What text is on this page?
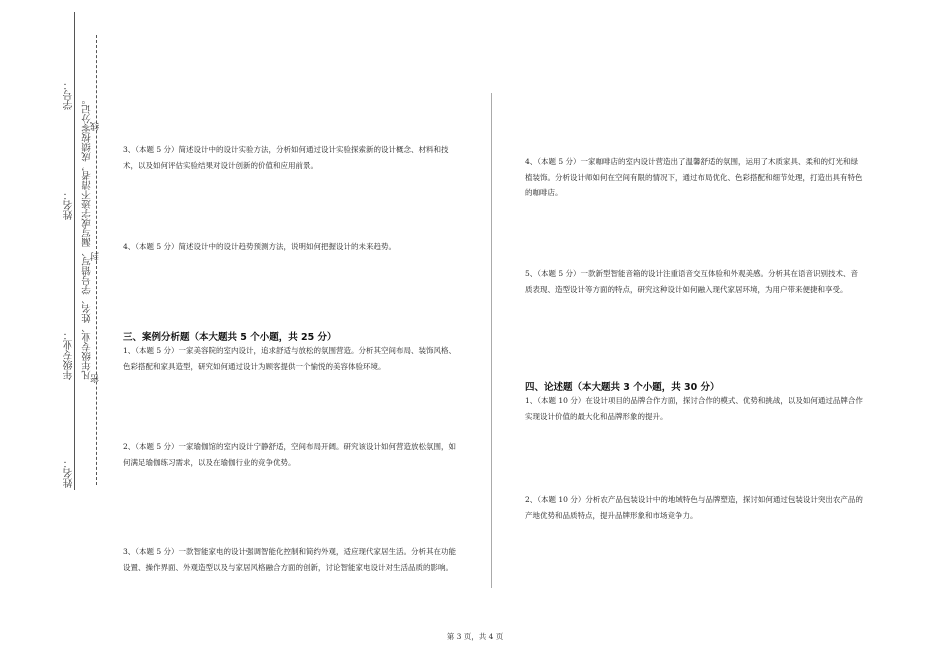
学号：
姓名：
年级专业：
姓名：
凡年级专业、姓名、学号错写、漏写或字迹不清者，成绩按零分记。
线
封
密
3、（本题 5 分）简述设计中的设计实验方法，分析如何通过设计实验探索新的设计概念、材料和技术，以及如何评估实验结果对设计创新的价值和应用前景。
4、（本题 5 分）简述设计中的设计趋势预测方法，说明如何把握设计的未来趋势。
三、案例分析题（本大题共 5 个小题，共 25 分）
1、（本题 5 分）一家美容院的室内设计，追求舒适与放松的氛围营造。分析其空间布局、装饰风格、色彩搭配和家具造型，研究如何通过设计为顾客提供一个愉悦的美容体验环境。
2、（本题 5 分）一家瑜伽馆的室内设计宁静舒适，空间布局开阔。研究该设计如何营造放松氛围，如何满足瑜伽练习需求，以及在瑜伽行业的竞争优势。
3、（本题 5 分）一款智能家电的设计强调智能化控制和简约外观，适应现代家居生活。分析其在功能设置、操作界面、外观造型以及与家居风格融合方面的创新，讨论智能家电设计对生活品质的影响。
4、（本题 5 分）一家咖啡店的室内设计营造出了温馨舒适的氛围，运用了木质家具、柔和的灯光和绿植装饰。分析设计师如何在空间有限的情况下，通过布局优化、色彩搭配和细节处理，打造出具有特色的咖啡店。
5、（本题 5 分）一款新型智能音箱的设计注重语音交互体验和外观美感。分析其在语音识别技术、音质表现、造型设计等方面的特点，研究这种设计如何融入现代家居环境，为用户带来便捷和享受。
四、论述题（本大题共 3 个小题，共 30 分）
1、（本题 10 分）在设计项目的品牌合作方面，探讨合作的模式、优势和挑战，以及如何通过品牌合作实现设计价值的最大化和品牌形象的提升。
2、（本题 10 分）分析农产品包装设计中的地域特色与品牌塑造，探讨如何通过包装设计突出农产品的产地优势和品质特点，提升品牌形象和市场竞争力。
第 3 页，共 4 页
